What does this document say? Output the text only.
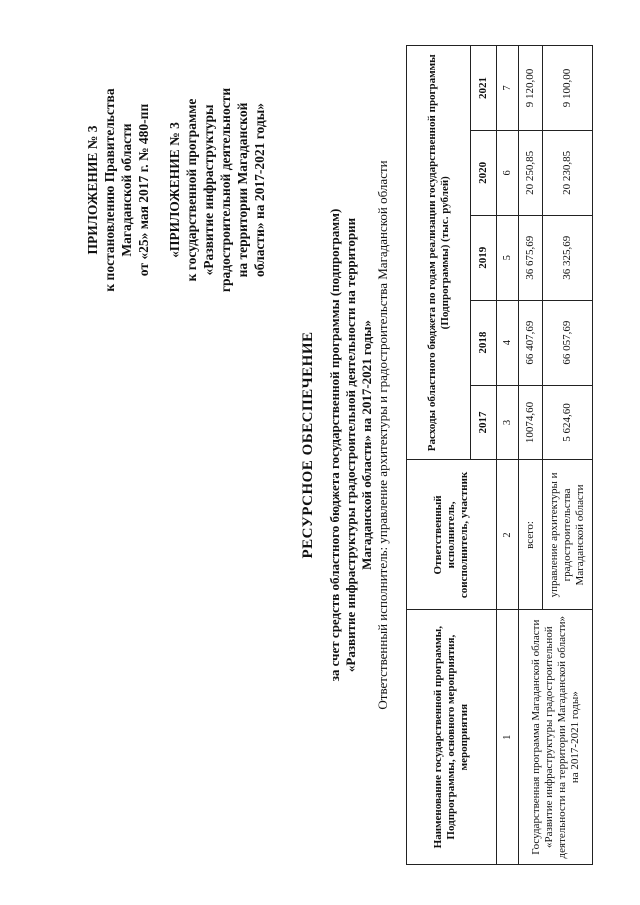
ПРИЛОЖЕНИЕ № 3 к постановлению Правительства Магаданской области от «25» мая 2017 г. № 480-пп «ПРИЛОЖЕНИЕ № 3 к государственной программе «Развитие инфраструктуры градостроительной деятельности на территории Магаданской области» на 2017-2021 годы»
РЕСУРСНОЕ ОБЕСПЕЧЕНИЕ за счет средств областного бюджета государственной программы (подпрограмм) «Развитие инфраструктуры градостроительной деятельности на территории Магаданской области» на 2017-2021 годы» Ответственный исполнитель: управление архитектуры и градостроительства Магаданской области
Наименование государственной программы, Подпрограммы, основного мероприятия, мероприятия	Ответственный исполнитель, соисполнитель, участник	Расходы областного бюджета по годам реализации государственной программы (Подпрограммы) (тыс. рублей)				
		2017	2018	2019	2020	2021
1	2	3	4	5	6	7
Государственная программа Магаданской области «Развитие инфраструктуры градостроительной деятельности на территории Магаданской области» на 2017-2021 годы»	всего:	10074,60	66 407,69	36 675,69	20 250,85	9 120,00
	управление архитектуры и градостроительства Магаданской области	5 624,60	66 057,69	36 325,69	20 230,85	9 100,00
